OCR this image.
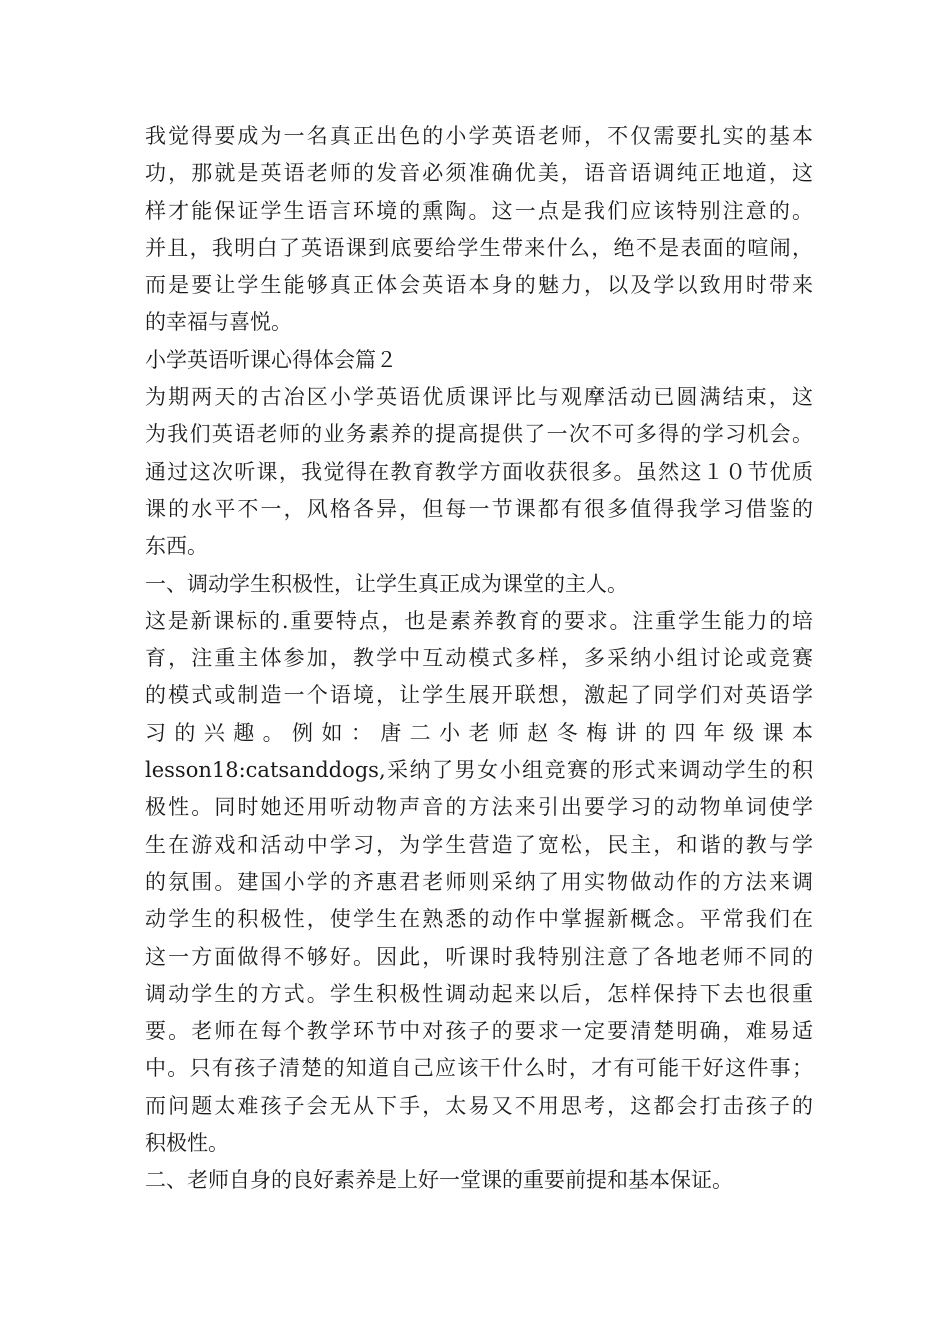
我觉得要成为一名真正出色的小学英语老师，不仅需要扎实的基本
功，那就是英语老师的发音必须准确优美，语音语调纯正地道，这
样才能保证学生语言环境的熏陶。这一点是我们应该特别注意的。
并且，我明白了英语课到底要给学生带来什么，绝不是表面的喧闹，
而是要让学生能够真正体会英语本身的魅力，以及学以致用时带来
的幸福与喜悦。
小学英语听课心得体会篇２
为期两天的古冶区小学英语优质课评比与观摩活动已圆满结束，这
为我们英语老师的业务素养的提高提供了一次不可多得的学习机会。
通过这次听课，我觉得在教育教学方面收获很多。虽然这１０节优质
课的水平不一，风格各异，但每一节课都有很多值得我学习借鉴的
东西。
一、调动学生积极性，让学生真正成为课堂的主人。
这是新课标的.重要特点，也是素养教育的要求。注重学生能力的培
育，注重主体参加，教学中互动模式多样，多采纳小组讨论或竞赛
的模式或制造一个语境，让学生展开联想，激起了同学们对英语学
习的兴趣。例如：唐二小老师赵冬梅讲的四年级课本
lesson18:catsanddogs,采纳了男女小组竞赛的形式来调动学生的积
极性。同时她还用听动物声音的方法来引出要学习的动物单词使学
生在游戏和活动中学习，为学生营造了宽松，民主，和谐的教与学
的氛围。建国小学的齐惠君老师则采纳了用实物做动作的方法来调
动学生的积极性，使学生在熟悉的动作中掌握新概念。平常我们在
这一方面做得不够好。因此，听课时我特别注意了各地老师不同的
调动学生的方式。学生积极性调动起来以后，怎样保持下去也很重
要。老师在每个教学环节中对孩子的要求一定要清楚明确，难易适
中。只有孩子清楚的知道自己应该干什么时，才有可能干好这件事；
而问题太难孩子会无从下手，太易又不用思考，这都会打击孩子的
积极性。
二、老师自身的良好素养是上好一堂课的重要前提和基本保证。
